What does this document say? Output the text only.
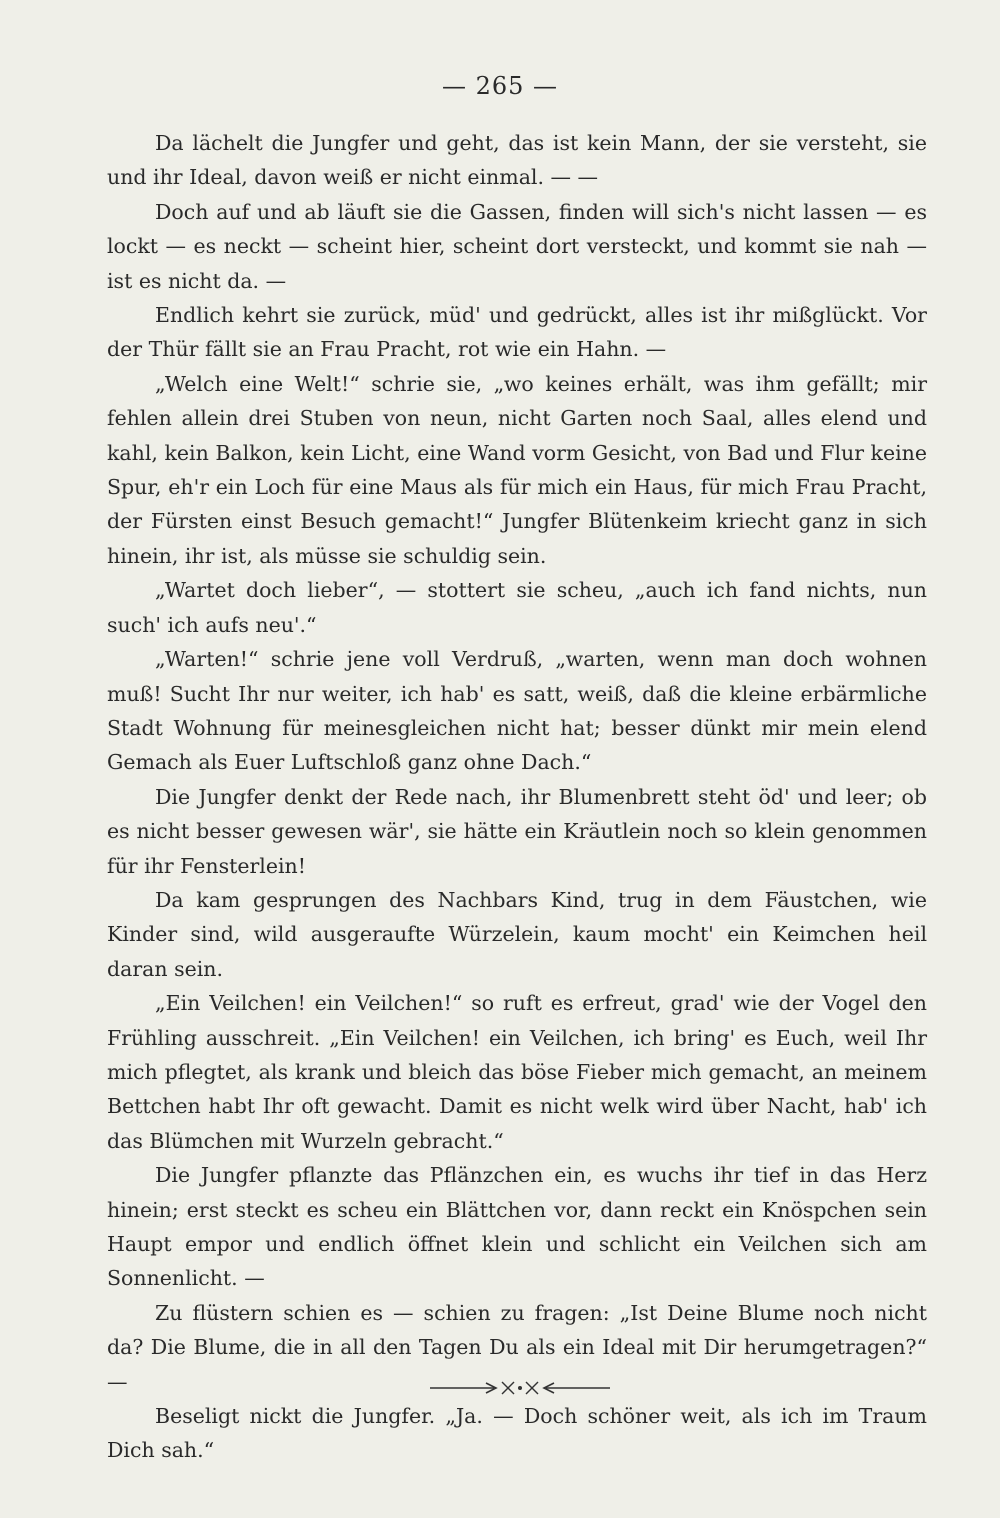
— 265 —

Da lächelt die Jungfer und geht, das ist kein Mann, der sie versteht, sie und ihr Ideal, davon weiß er nicht einmal. — —

Doch auf und ab läuft sie die Gassen, finden will sich's nicht lassen — es lockt — es neckt — scheint hier, scheint dort versteckt, und kommt sie nah — ist es nicht da. —

Endlich kehrt sie zurück, müd' und gedrückt, alles ist ihr mißglückt. Vor der Thür fällt sie an Frau Pracht, rot wie ein Hahn. —

„Welch eine Welt!“ schrie sie, „wo keines erhält, was ihm gefällt; mir fehlen allein drei Stuben von neun, nicht Garten noch Saal, alles elend und kahl, kein Balkon, kein Licht, eine Wand vorm Gesicht, von Bad und Flur keine Spur, eh'r ein Loch für eine Maus als für mich ein Haus, für mich Frau Pracht, der Fürsten einst Besuch gemacht!“ Jungfer Blütenkeim kriecht ganz in sich hinein, ihr ist, als müsse sie schuldig sein.

„Wartet doch lieber“, — stottert sie scheu, „auch ich fand nichts, nun such' ich aufs neu'.“

„Warten!“ schrie jene voll Verdruß, „warten, wenn man doch wohnen muß! Sucht Ihr nur weiter, ich hab' es satt, weiß, daß die kleine erbärmliche Stadt Wohnung für meinesgleichen nicht hat; besser dünkt mir mein elend Gemach als Euer Luftschloß ganz ohne Dach.“

Die Jungfer denkt der Rede nach, ihr Blumenbrett steht öd' und leer; ob es nicht besser gewesen wär', sie hätte ein Kräutlein noch so klein genommen für ihr Fensterlein!

Da kam gesprungen des Nachbars Kind, trug in dem Fäustchen, wie Kinder sind, wild ausgeraufte Würzelein, kaum mocht' ein Keimchen heil daran sein.

„Ein Veilchen! ein Veilchen!“ so ruft es erfreut, grad' wie der Vogel den Frühling ausschreit. „Ein Veilchen! ein Veilchen, ich bring' es Euch, weil Ihr mich pflegtet, als krank und bleich das böse Fieber mich gemacht, an meinem Bettchen habt Ihr oft gewacht. Damit es nicht welk wird über Nacht, hab' ich das Blümchen mit Wurzeln gebracht.“

Die Jungfer pflanzte das Pflänzchen ein, es wuchs ihr tief in das Herz hinein; erst steckt es scheu ein Blättchen vor, dann reckt ein Knöspchen sein Haupt empor und endlich öffnet klein und schlicht ein Veilchen sich am Sonnenlicht. —

Zu flüstern schien es — schien zu fragen: „Ist Deine Blume noch nicht da? Die Blume, die in all den Tagen Du als ein Ideal mit Dir herumgetragen?“ —

Beseligt nickt die Jungfer. „Ja. — Doch schöner weit, als ich im Traum Dich sah.“
